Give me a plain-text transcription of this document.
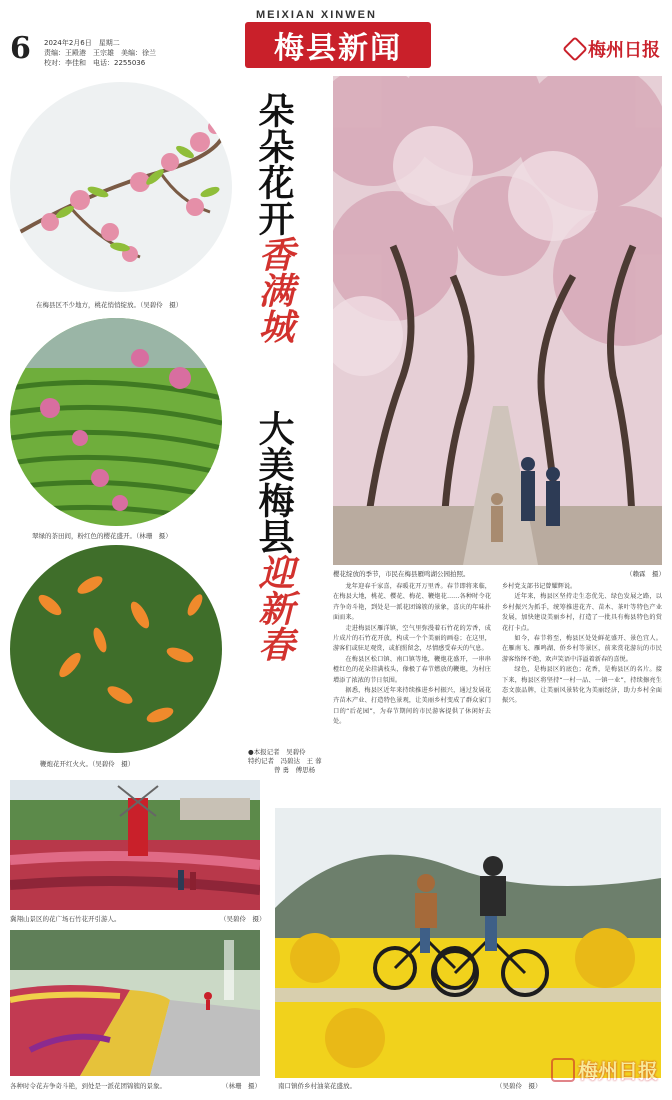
6 2024年2月6日　星期二
责编：王殿港　王宗雄　美编：徐兰
校对：李佳和　电话：2255036
MEIXIAN XINWEN
梅县新闻	梅州日报
在梅县区不少地方，桃花悄悄绽放。（吴碧伶　摄）
翠绿的茶田间，粉红色的樱花盛开。（林珊　摄）
鞭炮花开红火火。（吴碧伶　摄）
朵朵花开
香满城
大美梅县
迎新春	樱花绽放的季节，市民在梅县雁鸣湖公园拍照。	（赖霖　摄）

龙年迎春千家喜，春暖花开万里香。春节即将来临，在梅县大地，桃花、樱花、梅花、鞭炮花……各种时令花卉争奇斗艳，到处是一派花团锦簇的景象，喜庆的年味扑面而来。

走进梅县区雁洋镇，空气里弥漫着石竹花的芳香，成片成片的石竹花开放，构成一个个美丽的画卷；在这里，游客们或驻足观赏，或拍照留念，尽情感受春天的气息。

在梅县区松口镇、南口镇等地，鞭炮花盛开，一串串橙红色的花朵挂满枝头，像极了春节燃放的鞭炮，为村庄增添了浓浓的节日氛围。

据悉，梅县区近年来持续推进乡村振兴，通过发展花卉苗木产业、打造特色景观，让美丽乡村变成了群众家门口的“后花园”，为春节期间的市民游客提供了休闲好去处。

乡村党支部书记曾耀辉说。

近年来，梅县区坚持走生态优先、绿色发展之路，以乡村振兴为抓手，统筹推进花卉、苗木、茶叶等特色产业发展，加快建设美丽乡村，打造了一批具有梅县特色的赏花打卡点。

如今，春节将至，梅县区处处鲜花盛开、景色宜人。在雁南飞、雁鸣湖、侨乡村等景区，前来赏花游玩的市民游客络绎不绝，欢声笑语中洋溢着新春的喜悦。

绿色，是梅县区的底色；花香，是梅县区的名片。接下来，梅县区将坚持“一村一品、一镇一业”，持续擦亮生态文旅品牌，让美丽风景转化为美丽经济，助力乡村全面振兴。

●本报记者　吴碧伶
特约记者　冯碧达　王 蓉
曾 勇　傅思杨
冀翔山景区的花广场石竹花开引游人。	（吴碧伶　摄）
各种时令花卉争奇斗艳，到处是一派花团锦簇的景象。	（林珊　摄）	南口镇侨乡村油菜花盛放。	（吴碧伶　摄）
梅州日报
